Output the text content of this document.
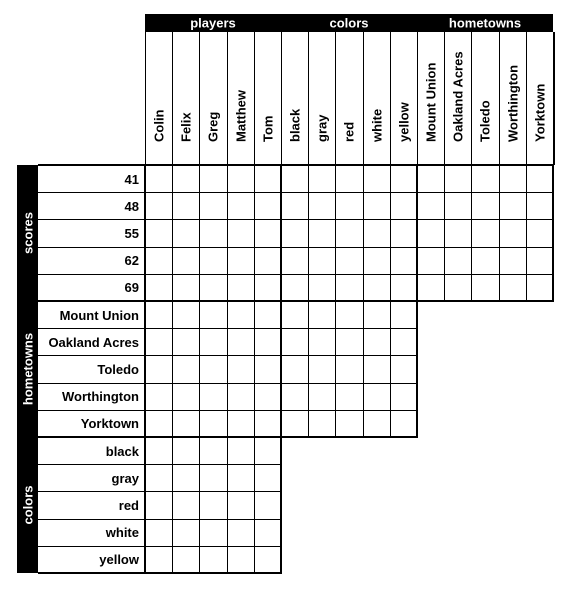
players
Colin Felix Greg Matthew Tom
colors
black gray red white yellow
hometowns
Mount Union Oakland Acres Toledo Worthington Yorktown
scores
41
48
55
62
69
hometowns
Mount Union
Oakland Acres
Toledo
Worthington
Yorktown
colors
black
gray
red
white
yellow
